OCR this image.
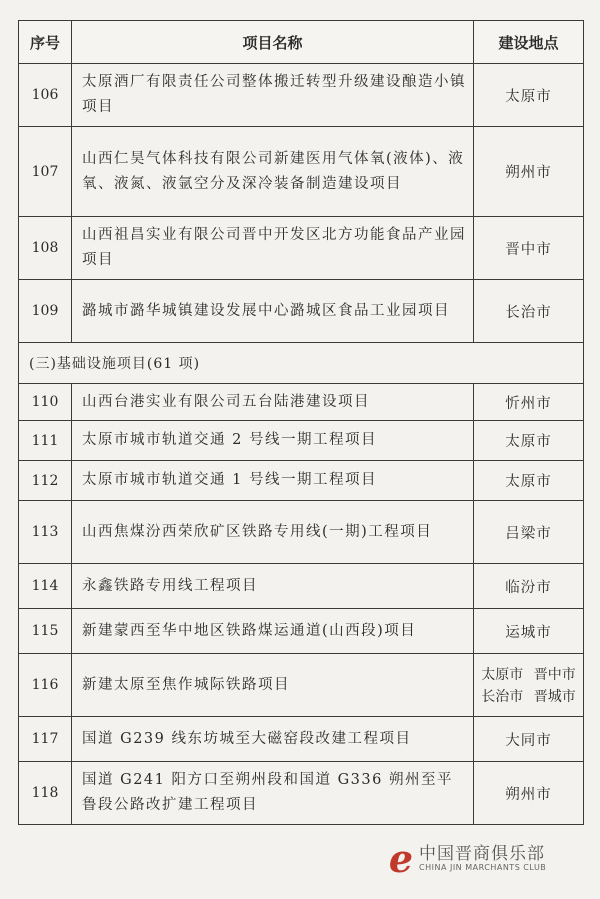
序号	项目名称	建设地点
106	太原酒厂有限责任公司整体搬迁转型升级建设酿造小镇项目	太原市
107	山西仁昊气体科技有限公司新建医用气体氧(液体)、液氧、液氮、液氩空分及深冷装备制造建设项目	朔州市
108	山西祖昌实业有限公司晋中开发区北方功能食品产业园项目	晋中市
109	潞城市潞华城镇建设发展中心潞城区食品工业园项目	长治市
(三)基础设施项目(61 项)		
110	山西台港实业有限公司五台陆港建设项目	忻州市
111	太原市城市轨道交通 2 号线一期工程项目	太原市
112	太原市城市轨道交通 1 号线一期工程项目	太原市
113	山西焦煤汾西荣欣矿区铁路专用线(一期)工程项目	吕梁市
114	永鑫铁路专用线工程项目	临汾市
115	新建蒙西至华中地区铁路煤运通道(山西段)项目	运城市
116	新建太原至焦作城际铁路项目	太原市 晋中市
长治市 晋城市

117	国道 G239 线东坊城至大磁窑段改建工程项目	大同市
118	国道 G241 阳方口至朔州段和国道 G336 朔州至平鲁段公路改扩建工程项目	朔州市
e 中国晋商俱乐部
CHINA JIN MARCHANTS CLUB
